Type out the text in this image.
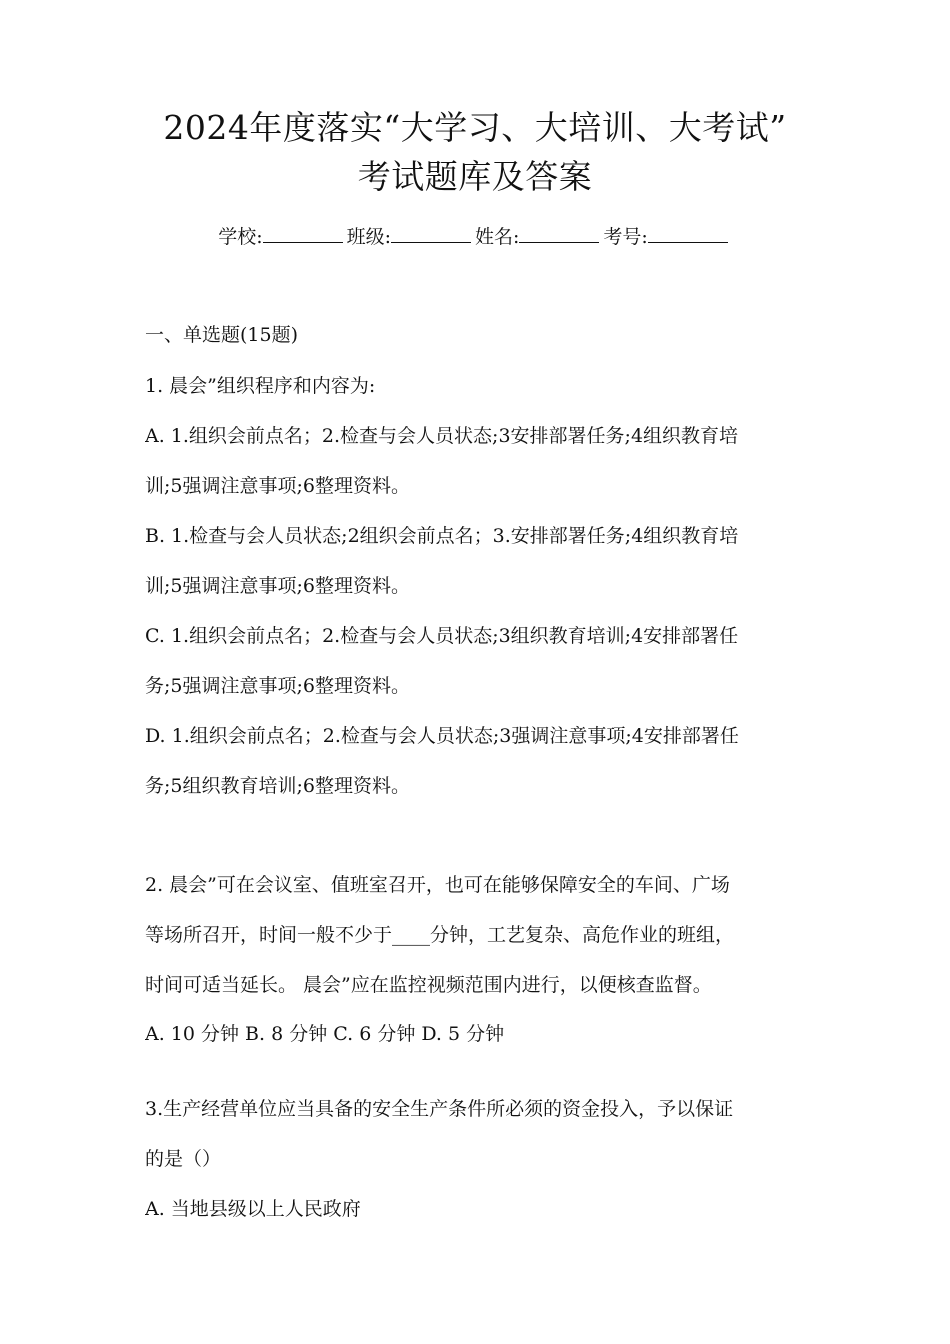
2024年度落实“大学习、大培训、大考试”
考试题库及答案
学校:	班级:	姓名:	考号:
一、单选题(15题)
1. 晨会”组织程序和内容为:
A. 1.组织会前点名；2.检查与会人员状态;3安排部署任务;4组织教育培
训;5强调注意事项;6整理资料。
B. 1.检查与会人员状态;2组织会前点名；3.安排部署任务;4组织教育培
训;5强调注意事项;6整理资料。
C. 1.组织会前点名；2.检查与会人员状态;3组织教育培训;4安排部署任
务;5强调注意事项;6整理资料。
D. 1.组织会前点名；2.检查与会人员状态;3强调注意事项;4安排部署任
务;5组织教育培训;6整理资料。
2. 晨会”可在会议室、值班室召开，也可在能够保障安全的车间、广场
等场所召开，时间一般不少于____分钟，工艺复杂、高危作业的班组，
时间可适当延长。 晨会”应在监控视频范围内进行，以便核查监督。
A. 10 分钟 B. 8 分钟 C. 6 分钟 D. 5 分钟
3.生产经营单位应当具备的安全生产条件所必须的资金投入，予以保证
的是（）
A. 当地县级以上人民政府
